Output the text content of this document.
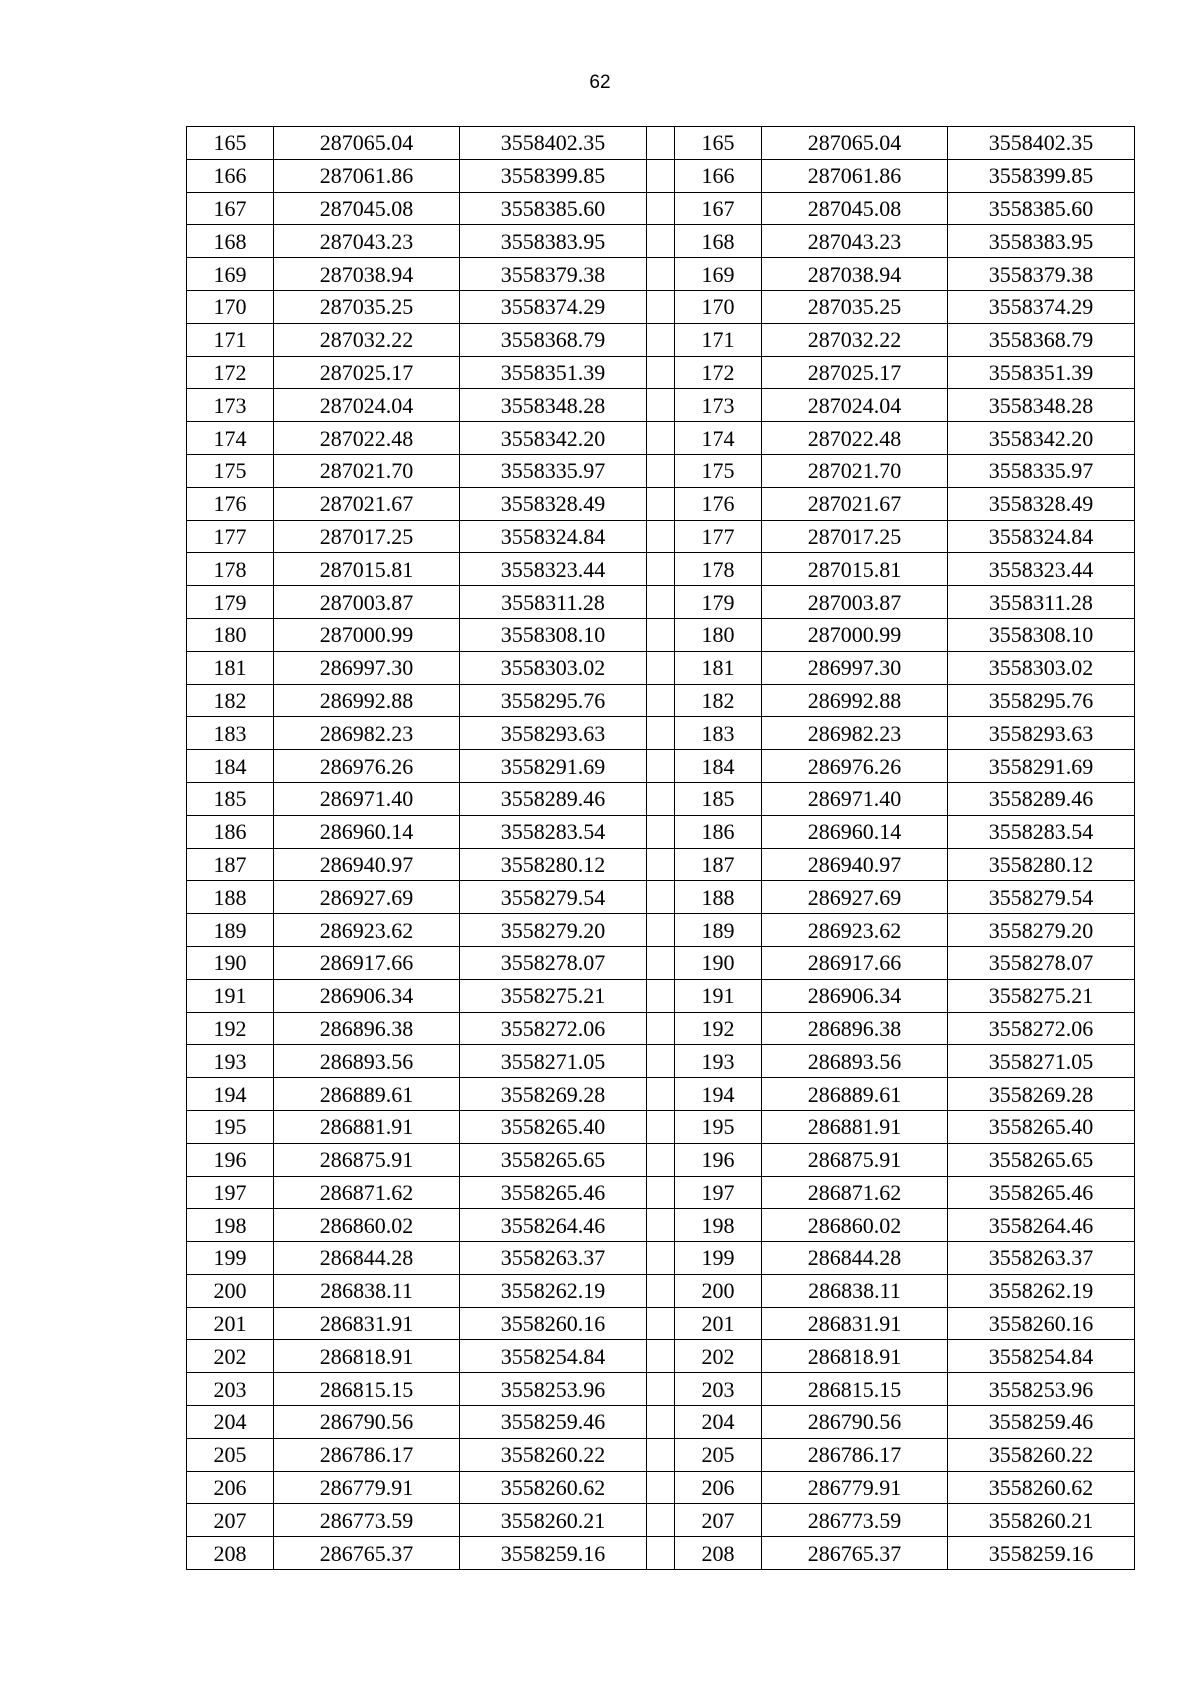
62
165	287065.04	3558402.35		165	287065.04	3558402.35
166	287061.86	3558399.85		166	287061.86	3558399.85
167	287045.08	3558385.60		167	287045.08	3558385.60
168	287043.23	3558383.95		168	287043.23	3558383.95
169	287038.94	3558379.38		169	287038.94	3558379.38
170	287035.25	3558374.29		170	287035.25	3558374.29
171	287032.22	3558368.79		171	287032.22	3558368.79
172	287025.17	3558351.39		172	287025.17	3558351.39
173	287024.04	3558348.28		173	287024.04	3558348.28
174	287022.48	3558342.20		174	287022.48	3558342.20
175	287021.70	3558335.97		175	287021.70	3558335.97
176	287021.67	3558328.49		176	287021.67	3558328.49
177	287017.25	3558324.84		177	287017.25	3558324.84
178	287015.81	3558323.44		178	287015.81	3558323.44
179	287003.87	3558311.28		179	287003.87	3558311.28
180	287000.99	3558308.10		180	287000.99	3558308.10
181	286997.30	3558303.02		181	286997.30	3558303.02
182	286992.88	3558295.76		182	286992.88	3558295.76
183	286982.23	3558293.63		183	286982.23	3558293.63
184	286976.26	3558291.69		184	286976.26	3558291.69
185	286971.40	3558289.46		185	286971.40	3558289.46
186	286960.14	3558283.54		186	286960.14	3558283.54
187	286940.97	3558280.12		187	286940.97	3558280.12
188	286927.69	3558279.54		188	286927.69	3558279.54
189	286923.62	3558279.20		189	286923.62	3558279.20
190	286917.66	3558278.07		190	286917.66	3558278.07
191	286906.34	3558275.21		191	286906.34	3558275.21
192	286896.38	3558272.06		192	286896.38	3558272.06
193	286893.56	3558271.05		193	286893.56	3558271.05
194	286889.61	3558269.28		194	286889.61	3558269.28
195	286881.91	3558265.40		195	286881.91	3558265.40
196	286875.91	3558265.65		196	286875.91	3558265.65
197	286871.62	3558265.46		197	286871.62	3558265.46
198	286860.02	3558264.46		198	286860.02	3558264.46
199	286844.28	3558263.37		199	286844.28	3558263.37
200	286838.11	3558262.19		200	286838.11	3558262.19
201	286831.91	3558260.16		201	286831.91	3558260.16
202	286818.91	3558254.84		202	286818.91	3558254.84
203	286815.15	3558253.96		203	286815.15	3558253.96
204	286790.56	3558259.46		204	286790.56	3558259.46
205	286786.17	3558260.22		205	286786.17	3558260.22
206	286779.91	3558260.62		206	286779.91	3558260.62
207	286773.59	3558260.21		207	286773.59	3558260.21
208	286765.37	3558259.16		208	286765.37	3558259.16
